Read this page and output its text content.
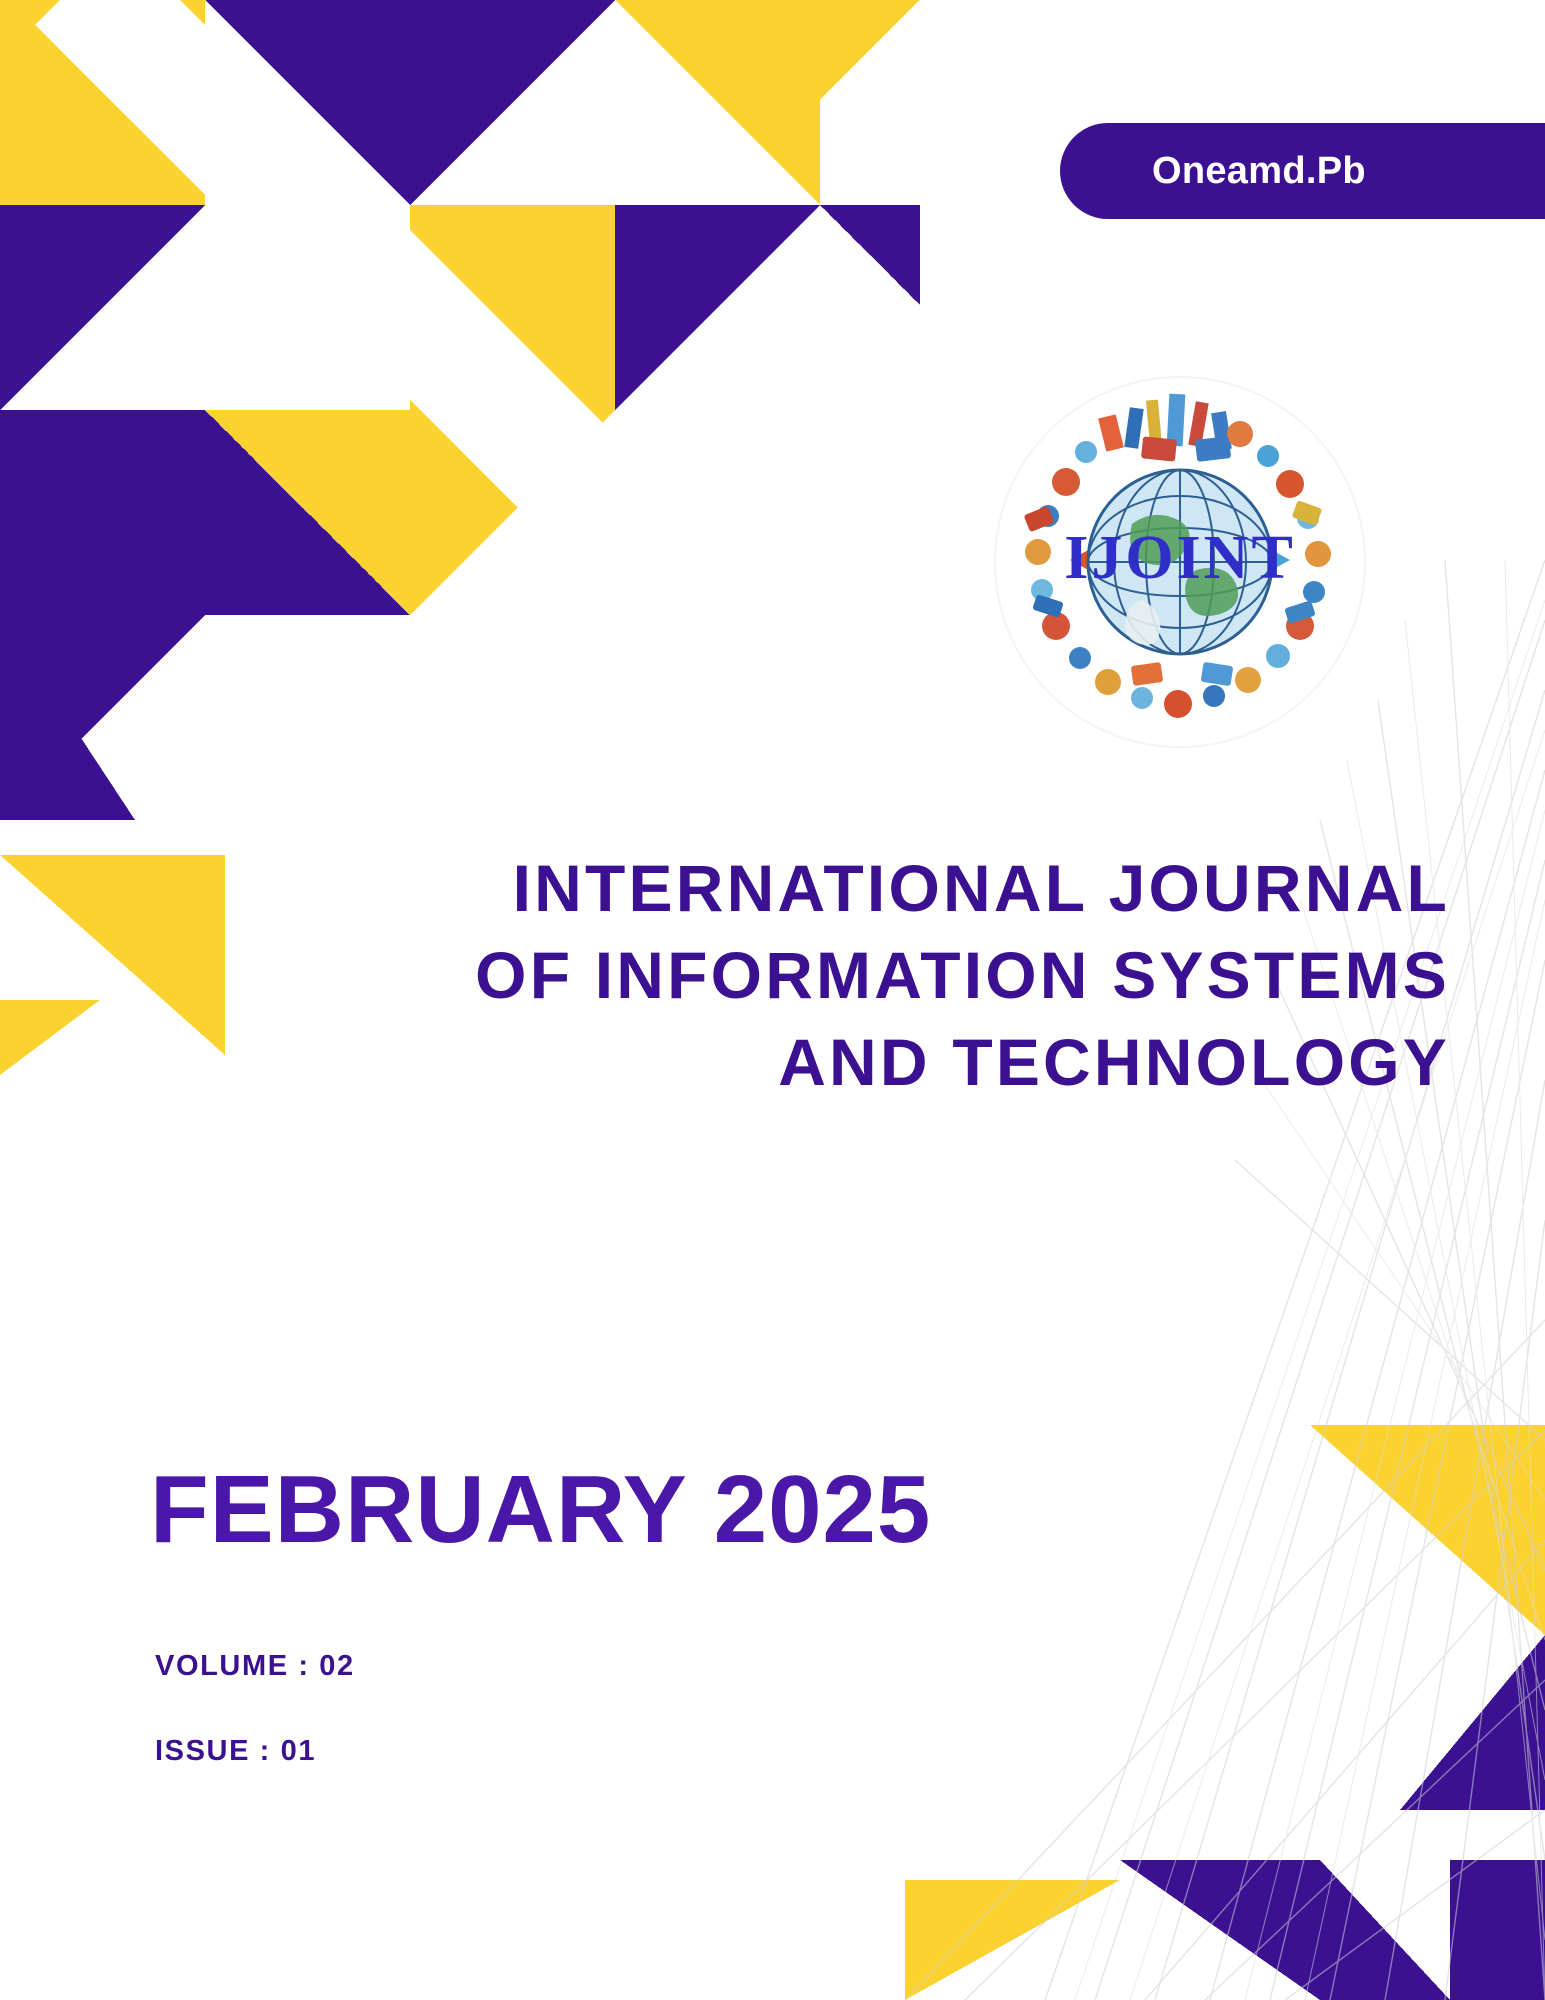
Oneamd.Pb
IJOINT
INTERNATIONAL JOURNAL
OF INFORMATION SYSTEMS
AND TECHNOLOGY
FEBRUARY 2025
VOLUME : 02
ISSUE : 01
